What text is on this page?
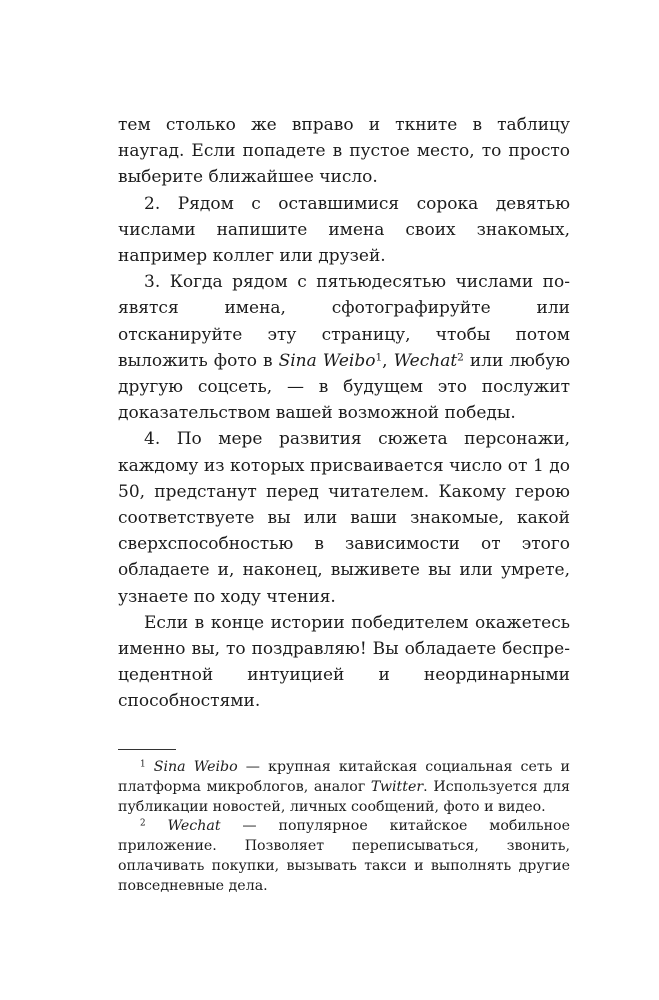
тем столько же вправо и ткните в таблицу наугад. Если попадете в пустое место, то просто выберите ближайшее число.

2. Рядом с оставшимися сорока девятью числами напишите имена своих знакомых, например коллег или друзей.

3. Когда рядом с пятьюдесятью числами появятся имена, сфотографируйте или отсканируйте эту страницу, чтобы потом выложить фото в Sina Weibo$^1$, Wechat$^2$ или любую другую соцсеть, — в будущем это послужит доказательством вашей возможной победы.

4. По мере развития сюжета персонажи, каждому из которых присваивается число от 1 до 50, предстанут перед читателем. Какому герою соответствуете вы или ваши знакомые, какой сверхспособностью в зависимости от этого обладаете и, наконец, выживете вы или умрете, узнаете по ходу чтения.

Если в конце истории победителем окажетесь именно вы, то поздравляю! Вы обладаете беспрецедентной интуицией и неординарными способностями.

$^1$ Sina Weibo — крупная китайская социальная сеть и платформа микроблогов, аналог Twitter. Используется для публикации новостей, личных сообщений, фото и видео.

$^2$ Wechat — популярное китайское мобильное приложение. Позволяет переписываться, звонить, оплачивать покупки, вызывать такси и выполнять другие повседневные дела.
